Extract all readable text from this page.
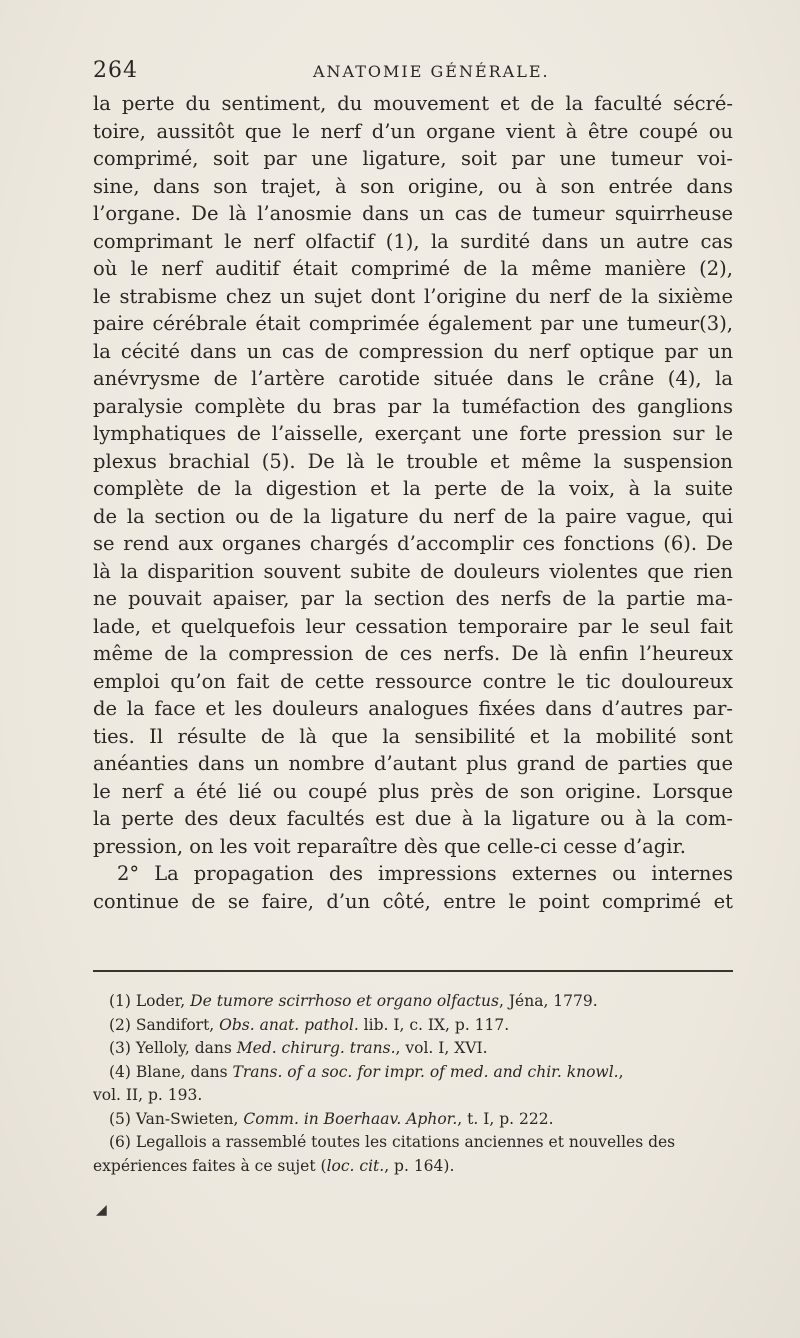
264	ANATOMIE GÉNÉRALE.
la perte du sentiment, du mouvement et de la faculté sécré-
toire, aussitôt que le nerf d’un organe vient à être coupé ou
comprimé, soit par une ligature, soit par une tumeur voi-
sine, dans son trajet, à son origine, ou à son entrée dans
l’organe. De là l’anosmie dans un cas de tumeur squirrheuse
comprimant le nerf olfactif (1), la surdité dans un autre cas
où le nerf auditif était comprimé de la même manière (2),
le strabisme chez un sujet dont l’origine du nerf de la sixième
paire cérébrale était comprimée également par une tumeur(3),
la cécité dans un cas de compression du nerf optique par un
anévrysme de l’artère carotide située dans le crâne (4), la
paralysie complète du bras par la tuméfaction des ganglions
lymphatiques de l’aisselle, exerçant une forte pression sur le
plexus brachial (5). De là le trouble et même la suspension
complète de la digestion et la perte de la voix, à la suite
de la section ou de la ligature du nerf de la paire vague, qui
se rend aux organes chargés d’accomplir ces fonctions (6). De
là la disparition souvent subite de douleurs violentes que rien
ne pouvait apaiser, par la section des nerfs de la partie ma-
lade, et quelquefois leur cessation temporaire par le seul fait
même de la compression de ces nerfs. De là enfin l’heureux
emploi qu’on fait de cette ressource contre le tic douloureux
de la face et les douleurs analogues fixées dans d’autres par-
ties. Il résulte de là que la sensibilité et la mobilité sont
anéanties dans un nombre d’autant plus grand de parties que
le nerf a été lié ou coupé plus près de son origine. Lorsque
la perte des deux facultés est due à la ligature ou à la com-
pression, on les voit reparaître dès que celle-ci cesse d’agir.
2° La propagation des impressions externes ou internes
continue de se faire, d’un côté, entre le point comprimé et
(1) Loder, De tumore scirrhoso et organo olfactus, Jéna, 1779.
(2) Sandifort, Obs. anat. pathol. lib. I, c. IX, p. 117.
(3) Yelloly, dans Med. chirurg. trans., vol. I, XVI.
(4) Blane, dans Trans. of a soc. for impr. of med. and chir. knowl.,
vol. II, p. 193.
(5) Van-Swieten, Comm. in Boerhaav. Aphor., t. I, p. 222.
(6) Legallois a rassemblé toutes les citations anciennes et nouvelles des
expériences faites à ce sujet (loc. cit., p. 164).
◢
